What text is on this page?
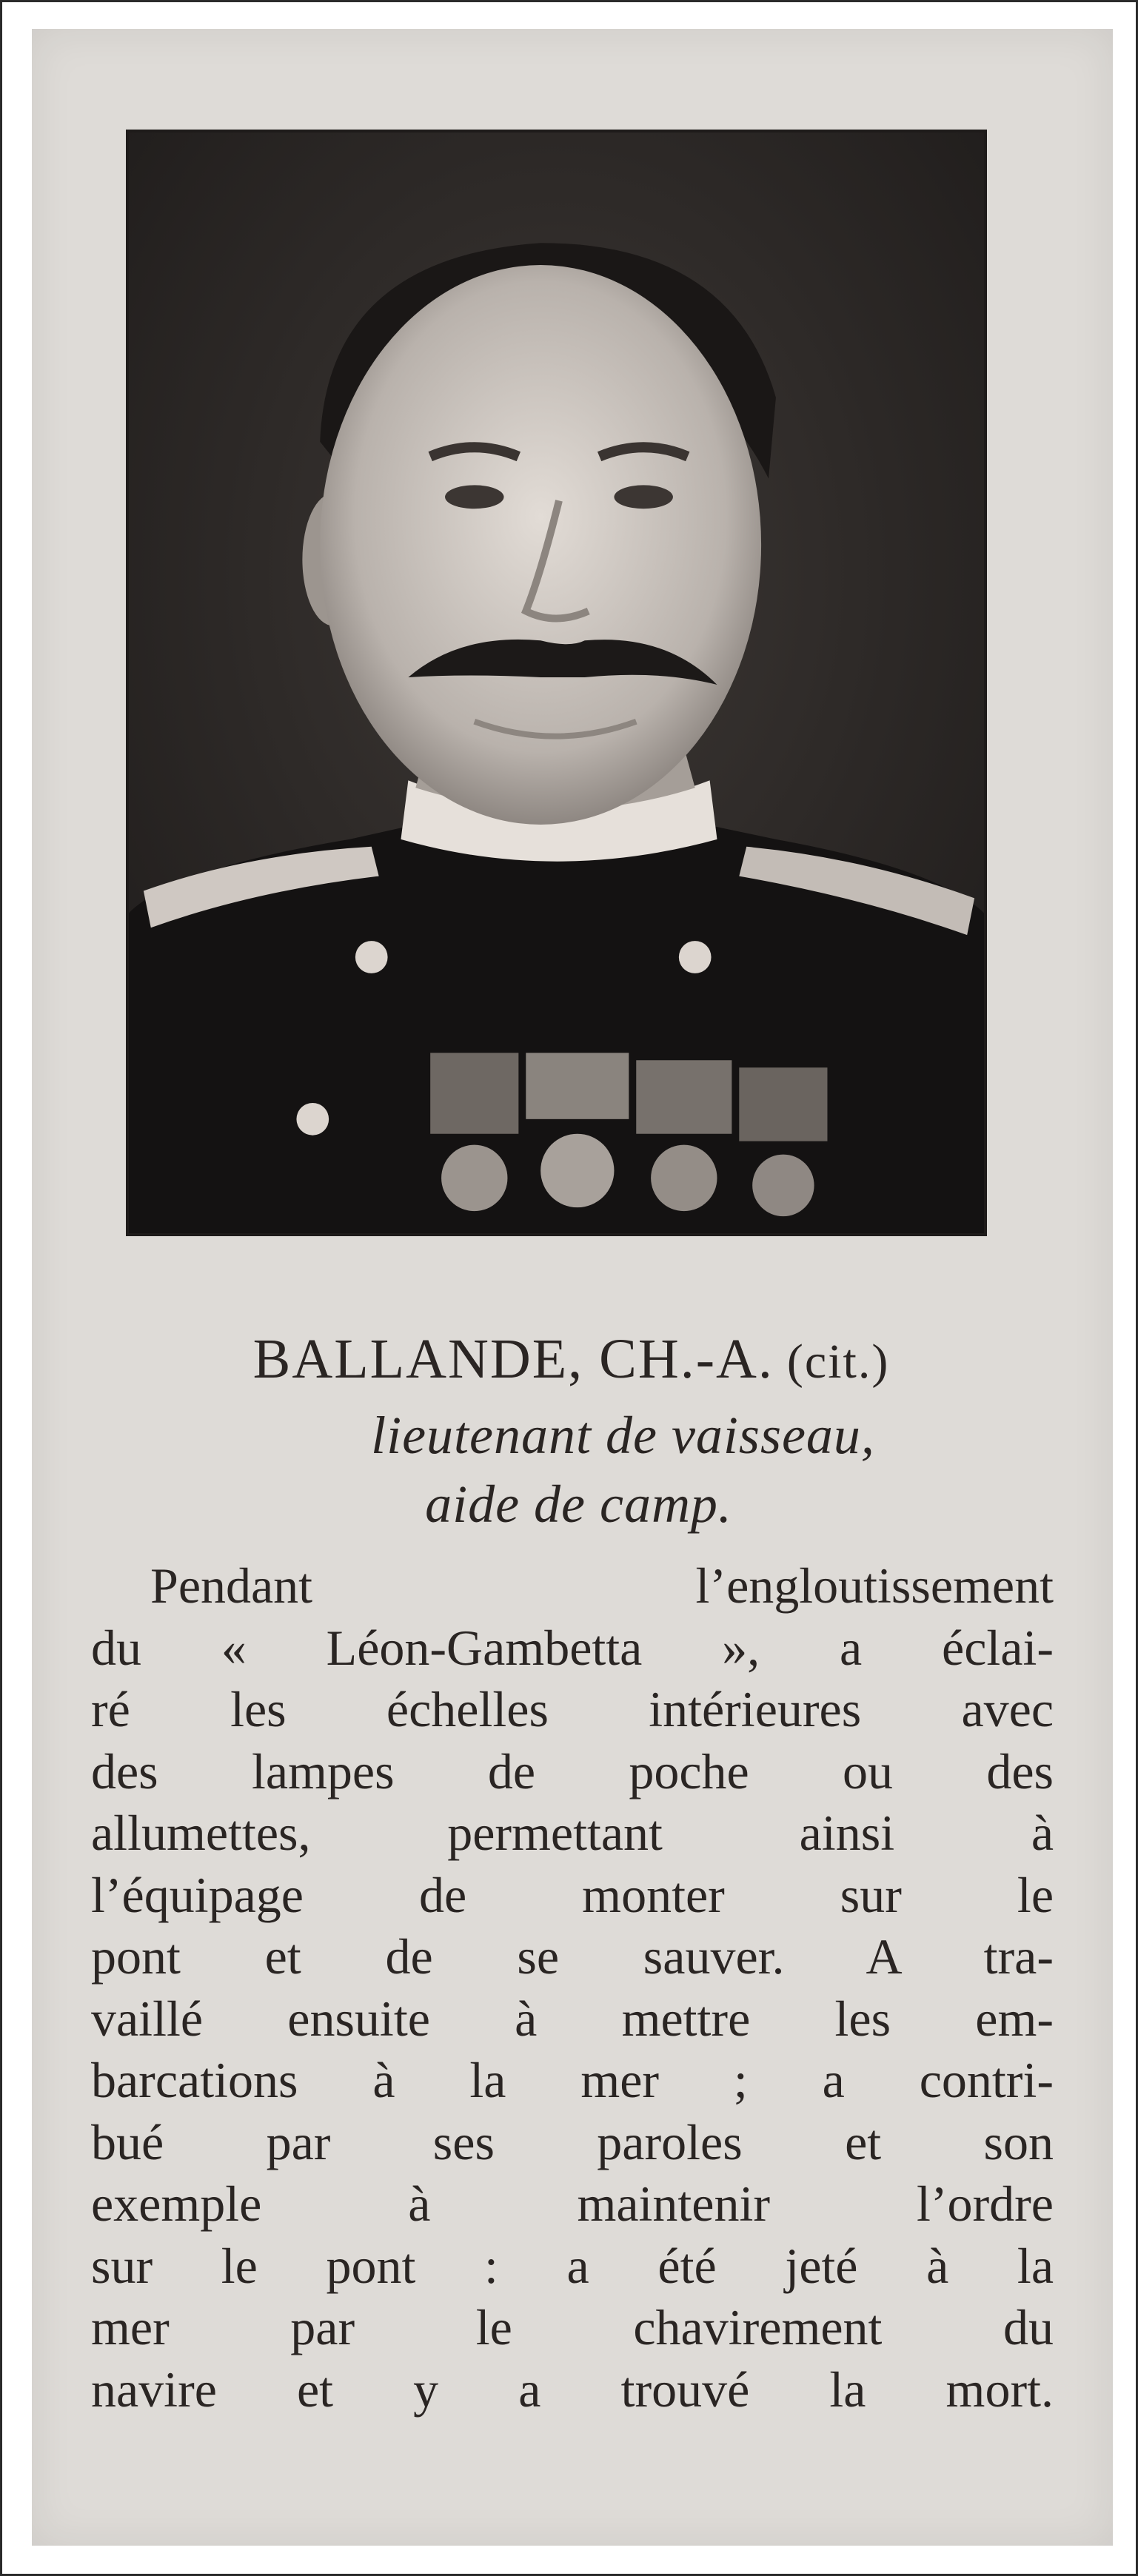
BALLANDE, CH.-A. (cit.)
lieutenant de vaisseau,
aide de camp.
Pendant l’engloutissement
du « Léon-Gambetta », a éclai-
ré les échelles intérieures avec
des lampes de poche ou des
allumettes, permettant ainsi à
l’équipage de monter sur le
pont et de se sauver. A tra-
vaillé ensuite à mettre les em-
barcations à la mer ; a contri-
bué par ses paroles et son
exemple à maintenir l’ordre
sur le pont : a été jeté à la
mer par le chavirement du
navire et y a trouvé la mort.
